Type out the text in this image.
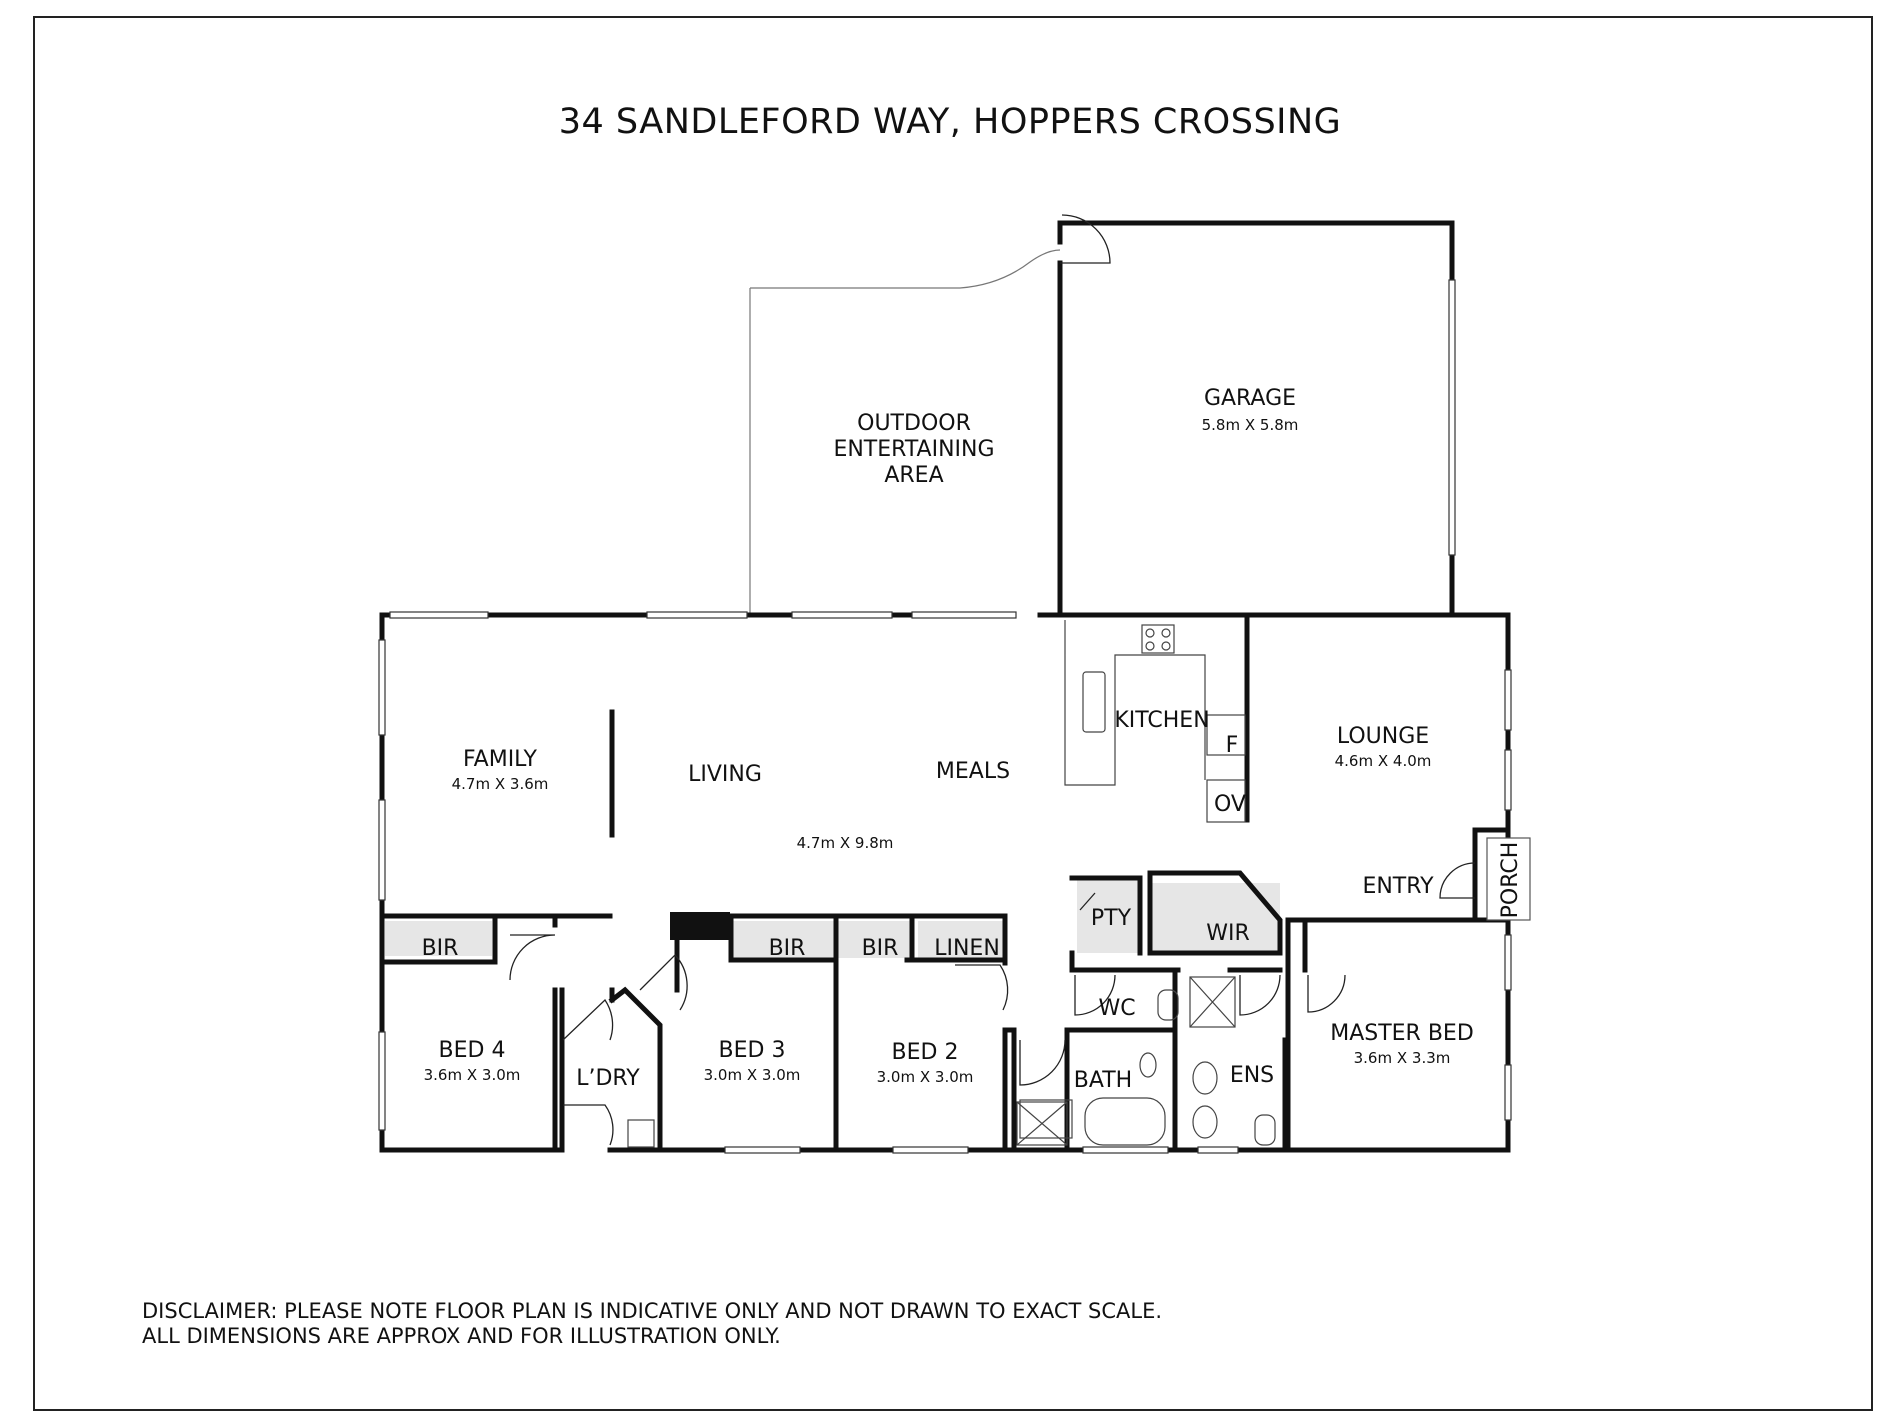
34 SANDLEFORD WAY, HOPPERS CROSSING
OUTDOOR
ENTERTAINING
AREA
GARAGE
5.8m X 5.8m
KITCHEN
F
OV
LOUNGE
4.6m X 4.0m
FAMILY
4.7m X 3.6m	LIVING	MEALS
4.7m X 9.8m
ENTRY	PORCH
PTY
WIR
BIR	BIR	BIR LINEN
WC
BED 4
3.6m X 3.0m	L’DRY
BED 3
3.0m X 3.0m
BED 2
3.0m X 3.0m	BATH	ENS
MASTER BED
3.6m X 3.3m
DISCLAIMER: PLEASE NOTE FLOOR PLAN IS INDICATIVE ONLY AND NOT DRAWN TO EXACT SCALE.
ALL DIMENSIONS ARE APPROX AND FOR ILLUSTRATION ONLY.
